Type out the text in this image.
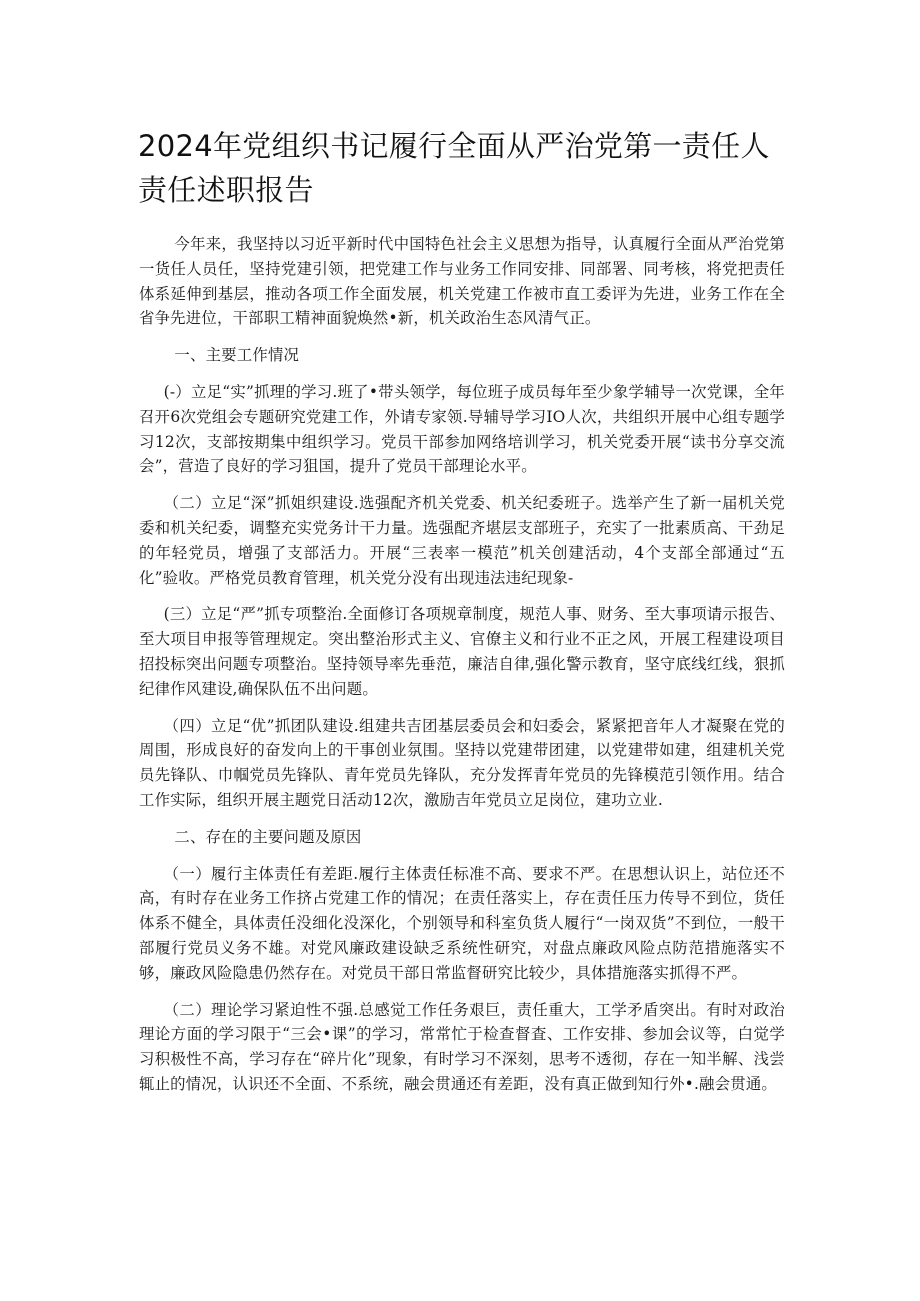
2024年党组织书记履行全面从严治党第一责任人责任述职报告

今年来，我坚持以习近平新时代中国特色社会主义思想为指导，认真履行全面从严治党第一货任人员任，坚持党建引领，把党建工作与业务工作同安排、同部署、同考核，将党把责任体系延伸到基层，推动各项工作全面发展，机关党建工作被市直工委评为先进，业务工作在全省争先进位，干部职工精神面貌焕然•新，机关政治生态风清气正。

一、主要工作情况

(-）立足“实”抓理的学习.班了•带头领学，每位班子成员每年至少象学辅导一次党课，全年召开6次党组会专题研究党建工作，外请专家领.导辅导学习IO人次，共组织开展中心组专题学习12次，支部按期集中组织学习。党员干部参加网络培训学习，机关党委开展“读书分享交流会”，营造了良好的学习狙国，提升了党员干部理论水平。

（二）立足“深”抓姐织建设.选强配齐机关党委、机关纪委班子。选举产生了新一届机关党委和机关纪委，调整充实党务计干力量。选强配齐堪层支部班子，充实了一批素质高、干劲足的年轻党员，增强了支部活力。开展“三表率一模范”机关创建活动，4个支部全部通过“五化”验收。严格党员教育管理，机关党分没有出现违法违纪现象-

(三）立足“严”抓专项整治.全面修订各项规章制度，规范人事、财务、至大事项请示报告、至大项目申报等管理规定。突出整治形式主义、官僚主义和行业不正之风，开展工程建设项目招投标突出问题专项整治。坚持领导率先垂范，廉洁自律,强化警示教育，坚守底线红线，狠抓纪律作风建设,确保队伍不出问题。

（四）立足“优”抓团队建设.组建共吉团基层委员会和妇委会，紧紧把音年人才凝聚在党的周围，形成良好的奋发向上的干事创业氛围。坚持以党建带团建，以党建带如建，组建机关党员先锋队、巾帼党员先锋队、青年党员先锋队，充分发挥青年党员的先锋模范引领作用。结合工作实际，组织开展主题党日活动12次，激励吉年党员立足岗位，建功立业.

二、存在的主要问题及原因

（一）履行主体责任有差距.履行主体责任标准不高、要求不严。在思想认识上，站位还不高，有时存在业务工作挤占党建工作的情况；在责任落实上，存在责任压力传导不到位，货任体系不健全，具体责任没细化没深化，个别领导和科室负货人履行“一岗双货”不到位，一般干部履行党员义务不雄。对党风廉政建设缺乏系统性研究，对盘点廉政风险点防范措施落实不够，廉政风险隐患仍然存在。对党员干部日常监督研究比较少，具体措施落实抓得不严。

（二）理论学习紧迫性不强.总感觉工作任务艰巨，责任重大，工学矛盾突出。有时对政治理论方面的学习限于“三会•课”的学习，常常忙于检查督査、工作安排、参加会议等，白觉学习积极性不高，学习存在“碎片化”现象，有时学习不深刻，思考不透彻，存在一知半解、浅尝辄止的情况，认识还不全面、不系统，融会贯通还有差距，没有真正做到知行外•.融会贯通。
